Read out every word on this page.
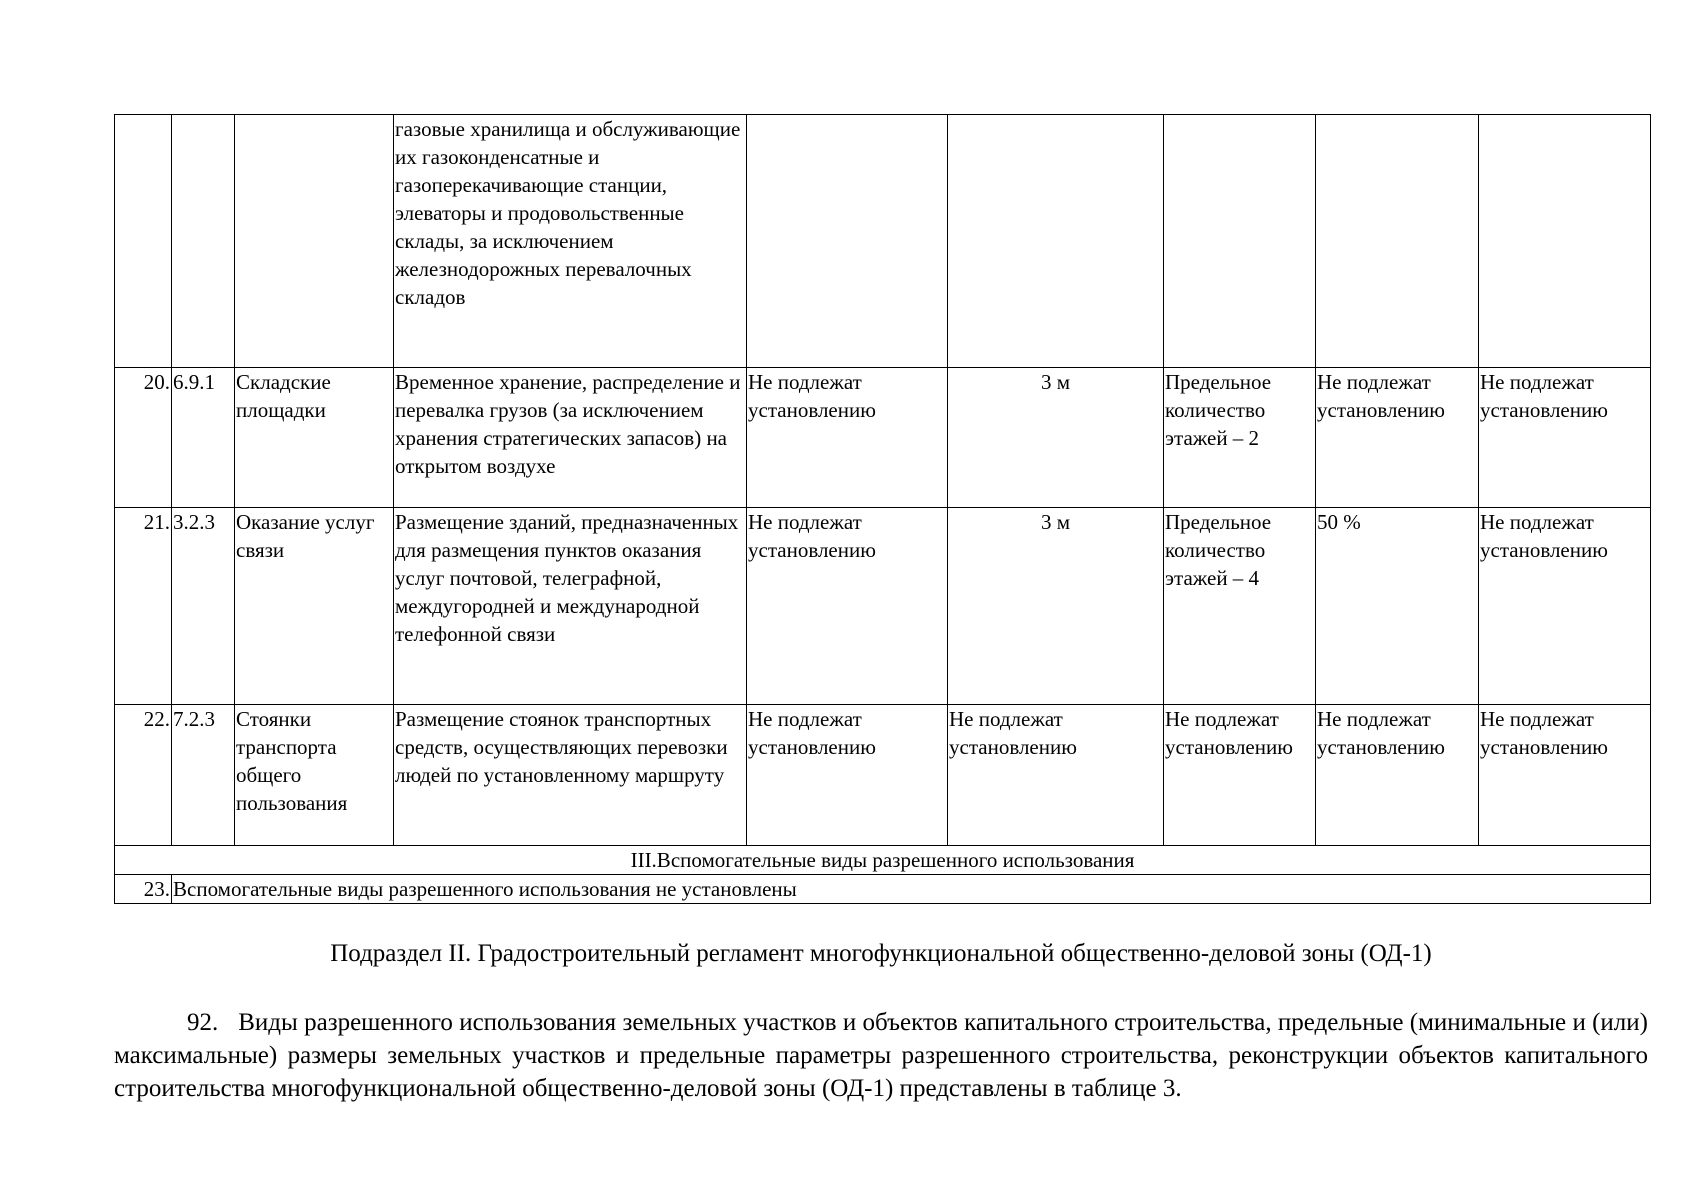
			газовые хранилища и обслуживающие их газоконденсатные и газоперекачивающие станции, элеваторы и продовольственные склады, за исключением железнодорожных перевалочных складов					
20.	6.9.1	Складские площадки	Временное хранение, распределение и перевалка грузов (за исключением хранения стратегических запасов) на открытом воздухе	Не подлежат установлению	3 м	Предельное количество этажей – 2	Не подлежат установлению	Не подлежат установлению
21.	3.2.3	Оказание услуг связи	Размещение зданий, предназначенных для размещения пунктов оказания услуг почтовой, телеграфной, междугородней и международной телефонной связи	Не подлежат установлению	3 м	Предельное количество этажей – 4	50 %	Не подлежат установлению
22.	7.2.3	Стоянки транспорта общего пользования	Размещение стоянок транспортных средств, осуществляющих перевозки людей по установленному маршруту	Не подлежат установлению	Не подлежат установлению	Не подлежат установлению	Не подлежат установлению	Не подлежат установлению
III.Вспомогательные виды разрешенного использования								
23.	Вспомогательные виды разрешенного использования не установлены							
Подраздел II. Градостроительный регламент многофункциональной общественно-деловой зоны (ОД-1)
92. Виды разрешенного использования земельных участков и объектов капитального строительства, предельные (минимальные и (или) максимальные) размеры земельных участков и предельные параметры разрешенного строительства, реконструкции объектов капитального строительства многофункциональной общественно-деловой зоны (ОД-1) представлены в таблице 3.
